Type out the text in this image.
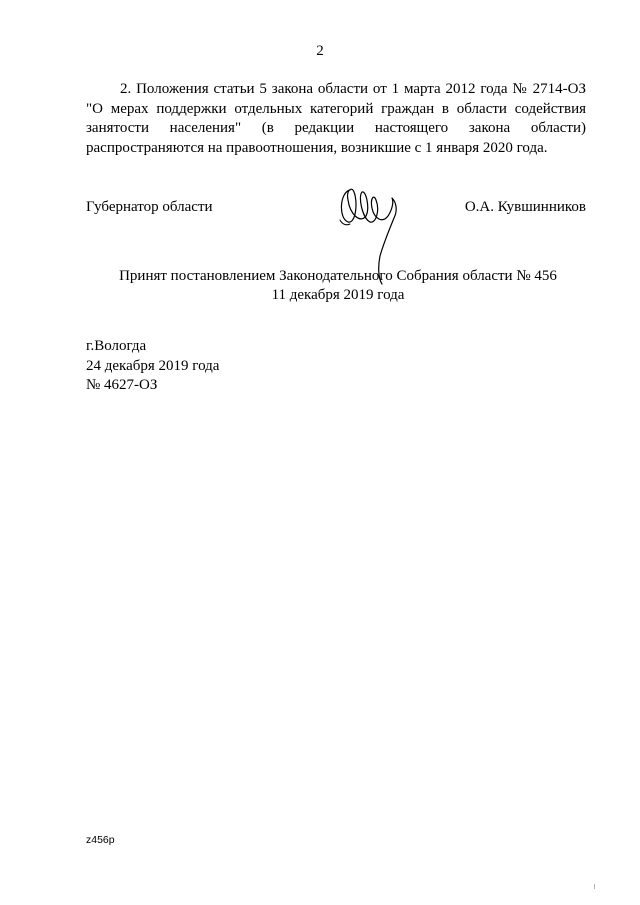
2
2. Положения статьи 5 закона области от 1 марта 2012 года № 2714-ОЗ
"О мерах поддержки отдельных категорий граждан в области содействия
занятости населения" (в редакции настоящего закона области)
распространяются на правоотношения, возникшие с 1 января 2020 года.
Губернатор области	О.А. Кувшинников
Принят постановлением Законодательного Собрания области № 456
11 декабря 2019 года
г.Вологда
24 декабря 2019 года
№ 4627-ОЗ
z456p
